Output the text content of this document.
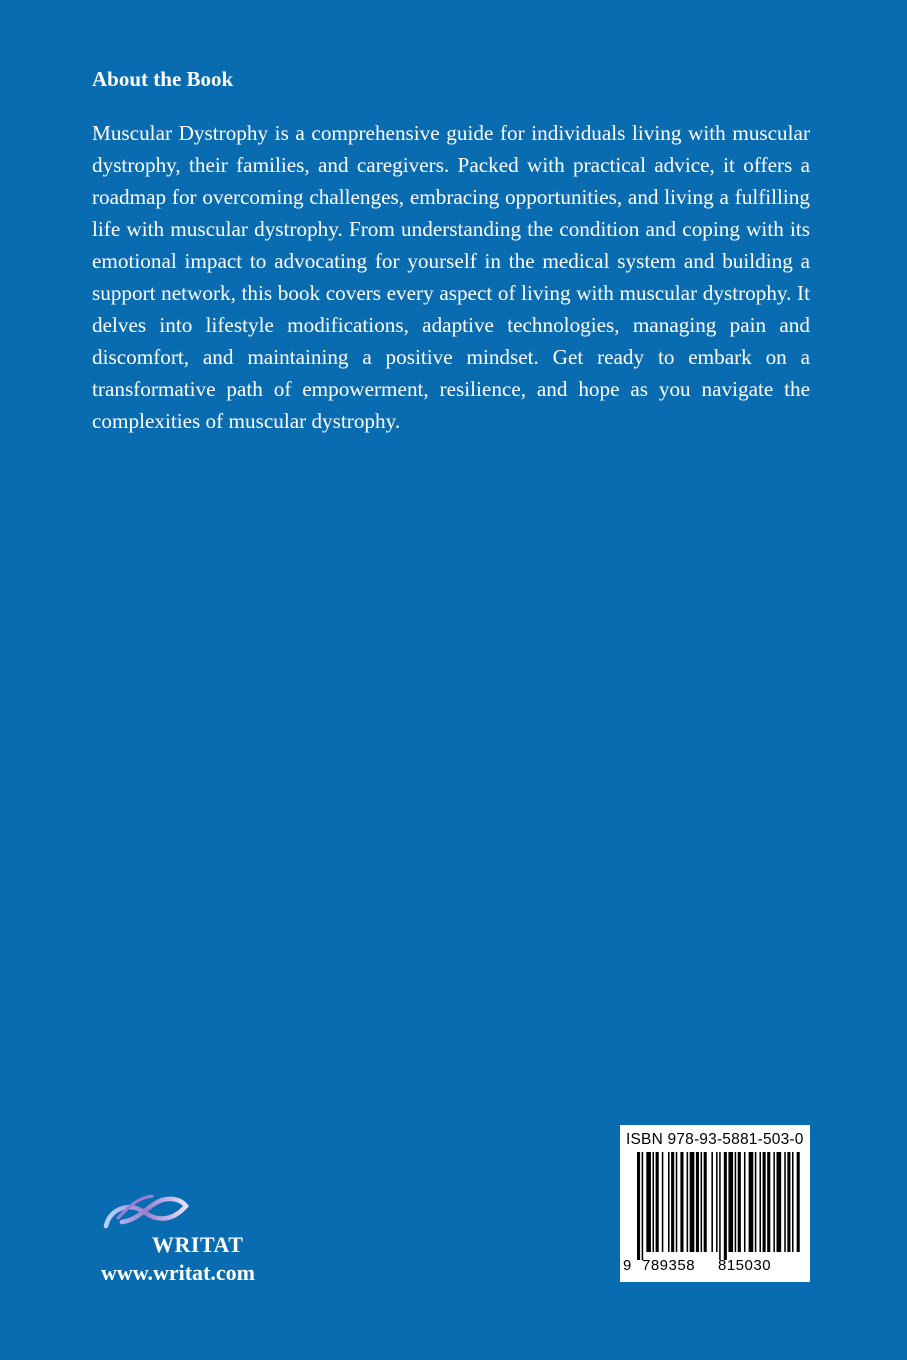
About the Book

Muscular Dystrophy is a comprehensive guide for individuals living with muscular dystrophy, their families, and caregivers. Packed with practical advice, it offers a roadmap for overcoming challenges, embracing opportunities, and living a fulfilling life with muscular dystrophy. From understanding the condition and coping with its emotional impact to advocating for yourself in the medical system and building a support network, this book covers every aspect of living with muscular dystrophy. It delves into lifestyle modifications, adaptive technologies, managing pain and discomfort, and maintaining a positive mindset. Get ready to embark on a transformative path of empowerment, resilience, and hope as you navigate the complexities of muscular dystrophy.

WRITAT
www.writat.com
ISBN 978-93-5881-503-0
9 789358 815030
